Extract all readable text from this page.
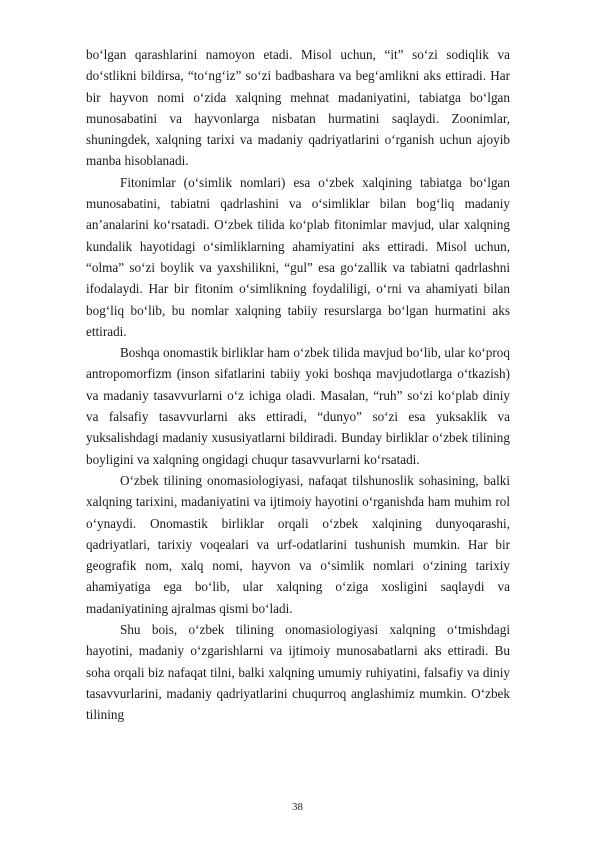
bo‘lgan qarashlarini namoyon etadi. Misol uchun, “it” so‘zi sodiqlik va do‘stlikni bildirsa, “to‘ng‘iz” so‘zi badbashara va beg‘amlikni aks ettiradi. Har bir hayvon nomi o‘zida xalqning mehnat madaniyatini, tabiatga bo‘lgan munosabatini va hayvonlarga nisbatan hurmatini saqlaydi. Zoonimlar, shuningdek, xalqning tarixi va madaniy qadriyatlarini o‘rganish uchun ajoyib manba hisoblanadi.

Fitonimlar (o‘simlik nomlari) esa o‘zbek xalqining tabiatga bo‘lgan munosabatini, tabiatni qadrlashini va o‘simliklar bilan bog‘liq madaniy an’analarini ko‘rsatadi. O‘zbek tilida ko‘plab fitonimlar mavjud, ular xalqning kundalik hayotidagi o‘simliklarning ahamiyatini aks ettiradi. Misol uchun, “olma” so‘zi boylik va yaxshilikni, “gul” esa go‘zallik va tabiatni qadrlashni ifodalaydi. Har bir fitonim o‘simlikning foydaliligi, o‘rni va ahamiyati bilan bog‘liq bo‘lib, bu nomlar xalqning tabiiy resurslarga bo‘lgan hurmatini aks ettiradi.

Boshqa onomastik birliklar ham o‘zbek tilida mavjud bo‘lib, ular ko‘proq antropomorfizm (inson sifatlarini tabiiy yoki boshqa mavjudotlarga o‘tkazish) va madaniy tasavvurlarni o‘z ichiga oladi. Masalan, “ruh” so‘zi ko‘plab diniy va falsafiy tasavvurlarni aks ettiradi, “dunyo” so‘zi esa yuksaklik va yuksalishdagi madaniy xususiyatlarni bildiradi. Bunday birliklar o‘zbek tilining boyligini va xalqning ongidagi chuqur tasavvurlarni ko‘rsatadi.

O‘zbek tilining onomasiologiyasi, nafaqat tilshunoslik sohasining, balki xalqning tarixini, madaniyatini va ijtimoiy hayotini o‘rganishda ham muhim rol o‘ynaydi. Onomastik birliklar orqali o‘zbek xalqining dunyoqarashi, qadriyatlari, tarixiy voqealari va urf-odatlarini tushunish mumkin. Har bir geografik nom, xalq nomi, hayvon va o‘simlik nomlari o‘zining tarixiy ahamiyatiga ega bo‘lib, ular xalqning o‘ziga xosligini saqlaydi va madaniyatining ajralmas qismi bo‘ladi.

Shu bois, o‘zbek tilining onomasiologiyasi xalqning o‘tmishdagi hayotini, madaniy o‘zgarishlarni va ijtimoiy munosabatlarni aks ettiradi. Bu soha orqali biz nafaqat tilni, balki xalqning umumiy ruhiyatini, falsafiy va diniy tasavvurlarini, madaniy qadriyatlarini chuqurroq anglashimiz mumkin. O‘zbek tilining

38
